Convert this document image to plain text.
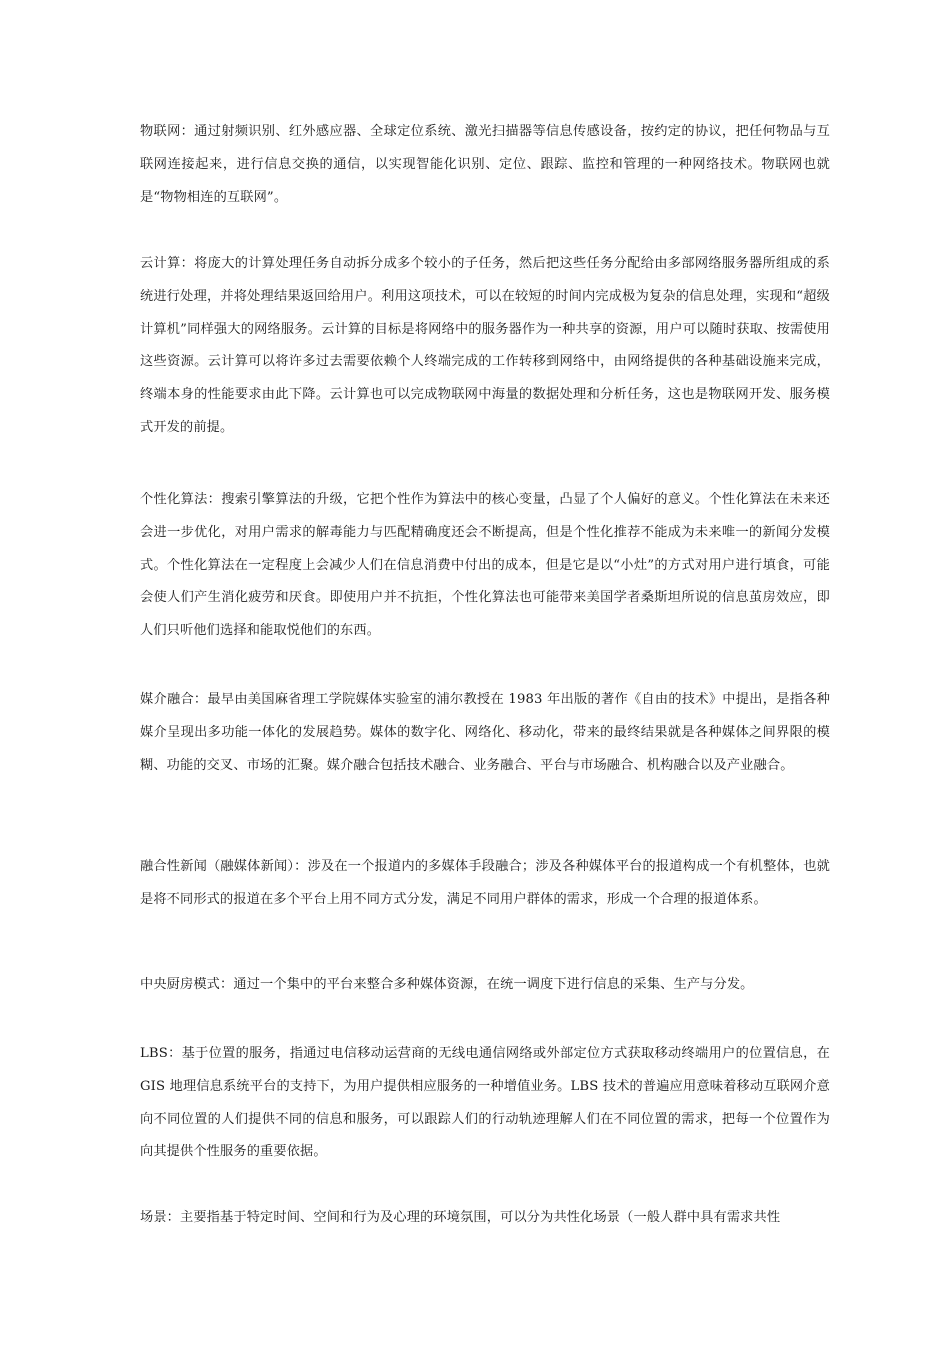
物联网：通过射频识别、红外感应器、全球定位系统、激光扫描器等信息传感设备，按约定的协议，把任何物品与互联网连接起来，进行信息交换的通信，以实现智能化识别、定位、跟踪、监控和管理的一种网络技术。物联网也就是“物物相连的互联网”。

云计算：将庞大的计算处理任务自动拆分成多个较小的子任务，然后把这些任务分配给由多部网络服务器所组成的系统进行处理，并将处理结果返回给用户。利用这项技术，可以在较短的时间内完成极为复杂的信息处理，实现和“超级计算机”同样强大的网络服务。云计算的目标是将网络中的服务器作为一种共享的资源，用户可以随时获取、按需使用这些资源。云计算可以将许多过去需要依赖个人终端完成的工作转移到网络中，由网络提供的各种基础设施来完成，终端本身的性能要求由此下降。云计算也可以完成物联网中海量的数据处理和分析任务，这也是物联网开发、服务模式开发的前提。

个性化算法：搜索引擎算法的升级，它把个性作为算法中的核心变量，凸显了个人偏好的意义。个性化算法在未来还会进一步优化，对用户需求的解毒能力与匹配精确度还会不断提高，但是个性化推荐不能成为未来唯一的新闻分发模式。个性化算法在一定程度上会减少人们在信息消费中付出的成本，但是它是以“小灶”的方式对用户进行填食，可能会使人们产生消化疲劳和厌食。即使用户并不抗拒，个性化算法也可能带来美国学者桑斯坦所说的信息茧房效应，即人们只听他们选择和能取悦他们的东西。

媒介融合：最早由美国麻省理工学院媒体实验室的浦尔教授在 1983 年出版的著作《自由的技术》中提出，是指各种媒介呈现出多功能一体化的发展趋势。媒体的数字化、网络化、移动化，带来的最终结果就是各种媒体之间界限的模糊、功能的交叉、市场的汇聚。媒介融合包括技术融合、业务融合、平台与市场融合、机构融合以及产业融合。

融合性新闻（融媒体新闻）：涉及在一个报道内的多媒体手段融合；涉及各种媒体平台的报道构成一个有机整体，也就是将不同形式的报道在多个平台上用不同方式分发，满足不同用户群体的需求，形成一个合理的报道体系。

中央厨房模式：通过一个集中的平台来整合多种媒体资源，在统一调度下进行信息的采集、生产与分发。

LBS：基于位置的服务，指通过电信移动运营商的无线电通信网络或外部定位方式获取移动终端用户的位置信息，在 GIS 地理信息系统平台的支持下，为用户提供相应服务的一种增值业务。LBS 技术的普遍应用意味着移动互联网介意向不同位置的人们提供不同的信息和服务，可以跟踪人们的行动轨迹理解人们在不同位置的需求，把每一个位置作为向其提供个性服务的重要依据。

场景：主要指基于特定时间、空间和行为及心理的环境氛围，可以分为共性化场景（一般人群中具有需求共性
